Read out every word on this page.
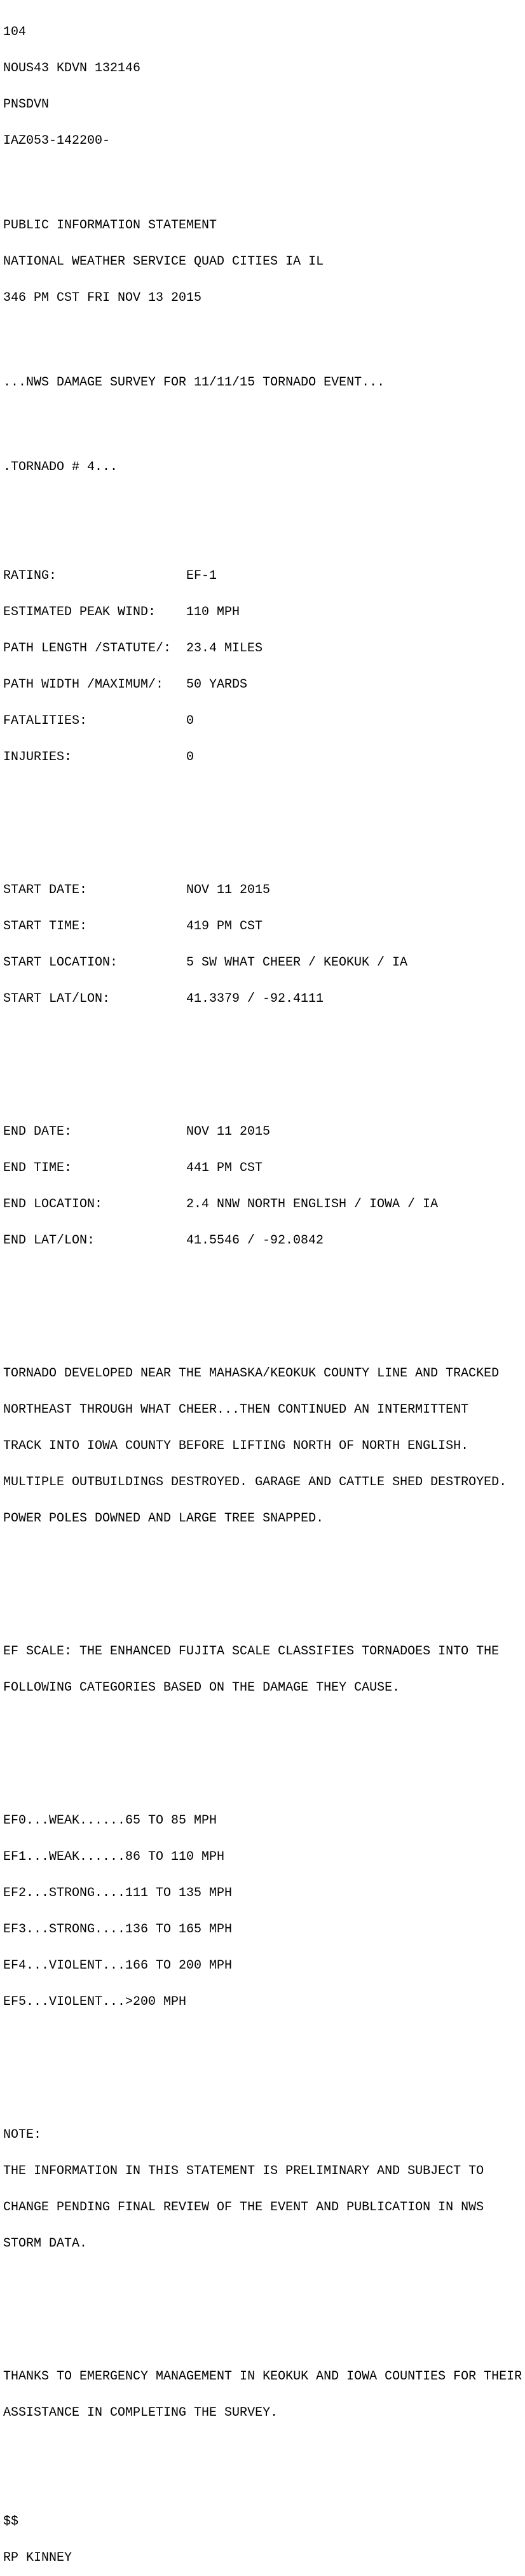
104

NOUS43 KDVN 132146

PNSDVN

IAZ053-142200-

PUBLIC INFORMATION STATEMENT

NATIONAL WEATHER SERVICE QUAD CITIES IA IL

346 PM CST FRI NOV 13 2015

...NWS DAMAGE SURVEY FOR 11/11/15 TORNADO EVENT...

.TORNADO # 4...

RATING:	EF-1

ESTIMATED PEAK WIND: 110 MPH

PATH LENGTH /STATUTE/: 23.4 MILES

PATH WIDTH /MAXIMUM/: 50 YARDS

FATALITIES:	0

INJURIES:	0

START DATE:	NOV 11 2015

START TIME:	419 PM CST

START LOCATION:	5 SW WHAT CHEER / KEOKUK / IA

START LAT/LON:	41.3379 / -92.4111

END DATE:	NOV 11 2015

END TIME:	441 PM CST

END LOCATION:	2.4 NNW NORTH ENGLISH / IOWA / IA

END LAT/LON:	41.5546 / -92.0842

TORNADO DEVELOPED NEAR THE MAHASKA/KEOKUK COUNTY LINE AND TRACKED

NORTHEAST THROUGH WHAT CHEER...THEN CONTINUED AN INTERMITTENT

TRACK INTO IOWA COUNTY BEFORE LIFTING NORTH OF NORTH ENGLISH.

MULTIPLE OUTBUILDINGS DESTROYED. GARAGE AND CATTLE SHED DESTROYED.

POWER POLES DOWNED AND LARGE TREE SNAPPED.

EF SCALE: THE ENHANCED FUJITA SCALE CLASSIFIES TORNADOES INTO THE

FOLLOWING CATEGORIES BASED ON THE DAMAGE THEY CAUSE.

EF0...WEAK......65 TO 85 MPH

EF1...WEAK......86 TO 110 MPH

EF2...STRONG....111 TO 135 MPH

EF3...STRONG....136 TO 165 MPH

EF4...VIOLENT...166 TO 200 MPH

EF5...VIOLENT...>200 MPH

NOTE:

THE INFORMATION IN THIS STATEMENT IS PRELIMINARY AND SUBJECT TO

CHANGE PENDING FINAL REVIEW OF THE EVENT AND PUBLICATION IN NWS

STORM DATA.

THANKS TO EMERGENCY MANAGEMENT IN KEOKUK AND IOWA COUNTIES FOR THEIR

ASSISTANCE IN COMPLETING THE SURVEY.

$$

RP KINNEY
